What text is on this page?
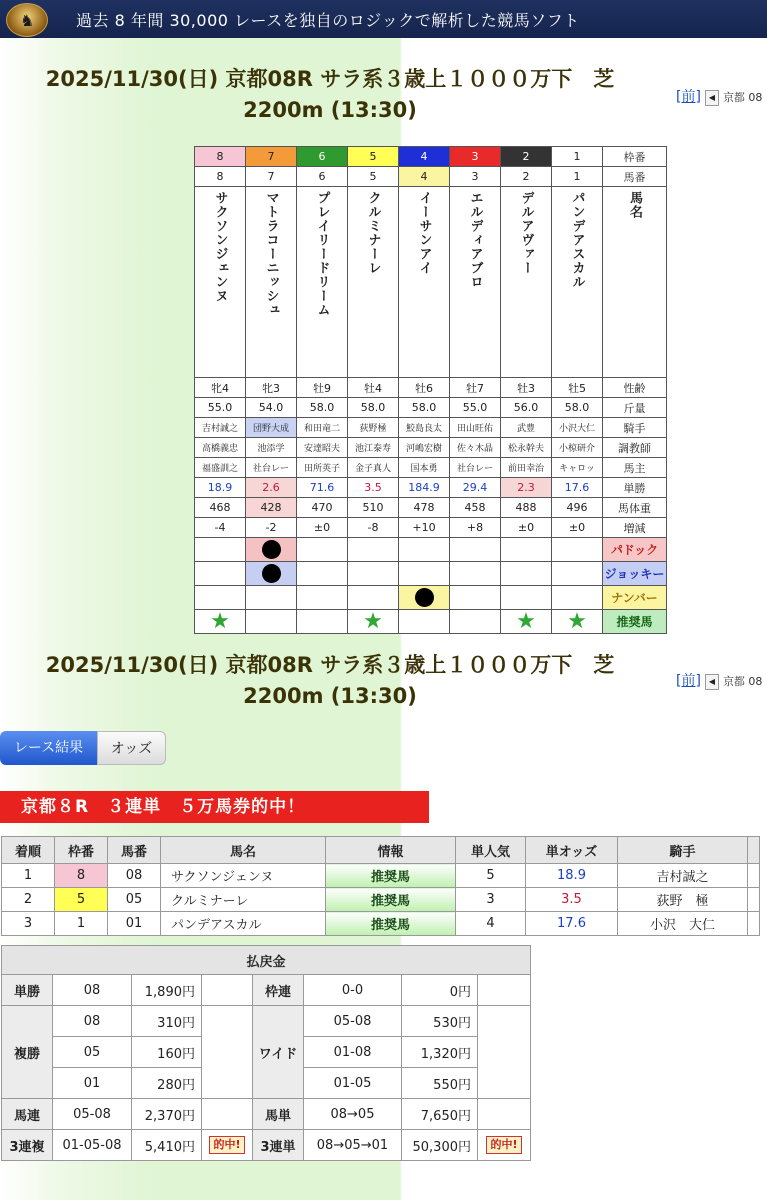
♞	過去 8 年間 30,000 レースを独自のロジックで解析した競馬ソフト
2025/11/30(日) 京都08R サラ系３歳上１０００万下　芝
2200m (13:30)
[前] ◀ 京都 08
8	7	6	5	4	3	2	1	枠番
8	7	6	5	4	3	2	1	馬番

サクソンジェンヌ	マトラコーニッシュ	プレイリードリーム	クルミナーレ	イーサンアイ	エルディアブロ	デルアヴァー	パンデアスカル	馬名

牝4	牝3	牡9	牡4	牡6	牡7	牡3	牡5	性齢
55.0	54.0	58.0	58.0	58.0	55.0	56.0	58.0	斤量
吉村誠之	団野大成	和田竜二	荻野極	鮫島良太	田山旺佑	武豊	小沢大仁	騎手
高橋義忠	池添学	安達昭夫	池江泰寿	河嶋宏樹	佐々木晶	松永幹夫	小椋研介	調教師
福盛訓之	社台レー	田所英子	金子真人	国本勇	社台レー	前田幸治	キャロッ	馬主
18.9	2.6	71.6	3.5	184.9	29.4	2.3	17.6	単勝
468	428	470	510	478	458	488	496	馬体重
-4	-2	±0	-8	+10	+8	±0	±0	増減
								パドック
								ジョッキー
								ナンバー
★			★			★	★	推奨馬
2025/11/30(日) 京都08R サラ系３歳上１０００万下　芝
2200m (13:30)
[前] ◀ 京都 08
レース結果	オッズ
京都８R　３連単　５万馬券的中！
着順	枠番	馬番	馬名	情報	単人気	単オッズ	騎手	
1	8	08	サクソンジェンヌ	推奨馬	5	18.9	吉村誠之	
2	5	05	クルミナーレ	推奨馬	3	3.5	荻野　極	
3	1	01	パンデアスカル	推奨馬	4	17.6	小沢　大仁	
払戻金							
単勝	08	1,890円		枠連	0-0	0円	
複勝	08	310円		ワイド	05-08	530円	
	05	160円			01-08	1,320円	
	01	280円			01-05	550円	
馬連	05-08	2,370円		馬単	08→05	7,650円	
3連複	01-05-08	5,410円	的中!	3連単	08→05→01	50,300円	的中!
